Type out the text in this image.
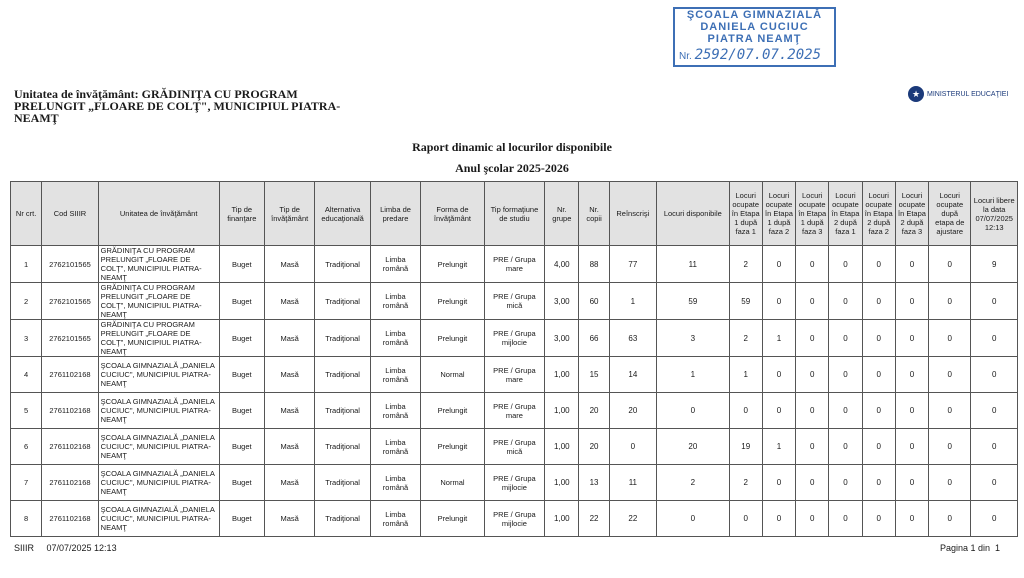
ŞCOALA GIMNAZIALĂ
DANIELA CUCIUC
PIATRA NEAMŢ
Nr. 2592/07.07.2025
Unitatea de învăţământ: GRĂDINIŢA CU PROGRAM PRELUNGIT „FLOARE DE COLŢ", MUNICIPIUL PIATRA-NEAMŢ
★ MINISTERUL EDUCAŢIEI
Raport dinamic al locurilor disponibile
Anul şcolar 2025-2026
Nr crt.	Cod SIIIR	Unitatea de învăţământ	Tip de finanţare	Tip de învăţământ	Alternativa educaţională	Limba de predare	Forma de învăţământ	Tip formaţiune de studiu	Nr. grupe	Nr. copii	Reînscrişi	Locuri disponibile	Locuri ocupate în Etapa 1 după faza 1	Locuri ocupate în Etapa 1 după faza 2	Locuri ocupate în Etapa 1 după faza 3	Locuri ocupate în Etapa 2 după faza 1	Locuri ocupate în Etapa 2 după faza 2	Locuri ocupate în Etapa 2 după faza 3	Locuri ocupate după etapa de ajustare	Locuri libere la data 07/07/2025 12:13
1	2762101565	GRĂDINIŢA CU PROGRAM PRELUNGIT „FLOARE DE COLŢ", MUNICIPIUL PIATRA-NEAMŢ	Buget	Masă	Tradiţional	Limba română	Prelungit	PRE / Grupa mare	4,00	88	77	11	2	0	0	0	0	0	0	9
2	2762101565	GRĂDINIŢA CU PROGRAM PRELUNGIT „FLOARE DE COLŢ", MUNICIPIUL PIATRA-NEAMŢ	Buget	Masă	Tradiţional	Limba română	Prelungit	PRE / Grupa mică	3,00	60	1	59	59	0	0	0	0	0	0	0
3	2762101565	GRĂDINIŢA CU PROGRAM PRELUNGIT „FLOARE DE COLŢ", MUNICIPIUL PIATRA-NEAMŢ	Buget	Masă	Tradiţional	Limba română	Prelungit	PRE / Grupa mijlocie	3,00	66	63	3	2	1	0	0	0	0	0	0
4	2761102168	ŞCOALA GIMNAZIALĂ „DANIELA CUCIUC", MUNICIPIUL PIATRA-NEAMŢ	Buget	Masă	Tradiţional	Limba română	Normal	PRE / Grupa mare	1,00	15	14	1	1	0	0	0	0	0	0	0
5	2761102168	ŞCOALA GIMNAZIALĂ „DANIELA CUCIUC", MUNICIPIUL PIATRA-NEAMŢ	Buget	Masă	Tradiţional	Limba română	Prelungit	PRE / Grupa mare	1,00	20	20	0	0	0	0	0	0	0	0	0
6	2761102168	ŞCOALA GIMNAZIALĂ „DANIELA CUCIUC", MUNICIPIUL PIATRA-NEAMŢ	Buget	Masă	Tradiţional	Limba română	Prelungit	PRE / Grupa mică	1,00	20	0	20	19	1	0	0	0	0	0	0
7	2761102168	ŞCOALA GIMNAZIALĂ „DANIELA CUCIUC", MUNICIPIUL PIATRA-NEAMŢ	Buget	Masă	Tradiţional	Limba română	Normal	PRE / Grupa mijlocie	1,00	13	11	2	2	0	0	0	0	0	0	0
8	2761102168	ŞCOALA GIMNAZIALĂ „DANIELA CUCIUC", MUNICIPIUL PIATRA-NEAMŢ	Buget	Masă	Tradiţional	Limba română	Prelungit	PRE / Grupa mijlocie	1,00	22	22	0	0	0	0	0	0	0	0	0
SIIIR     07/07/2025 12:13	Pagina 1 din  1
